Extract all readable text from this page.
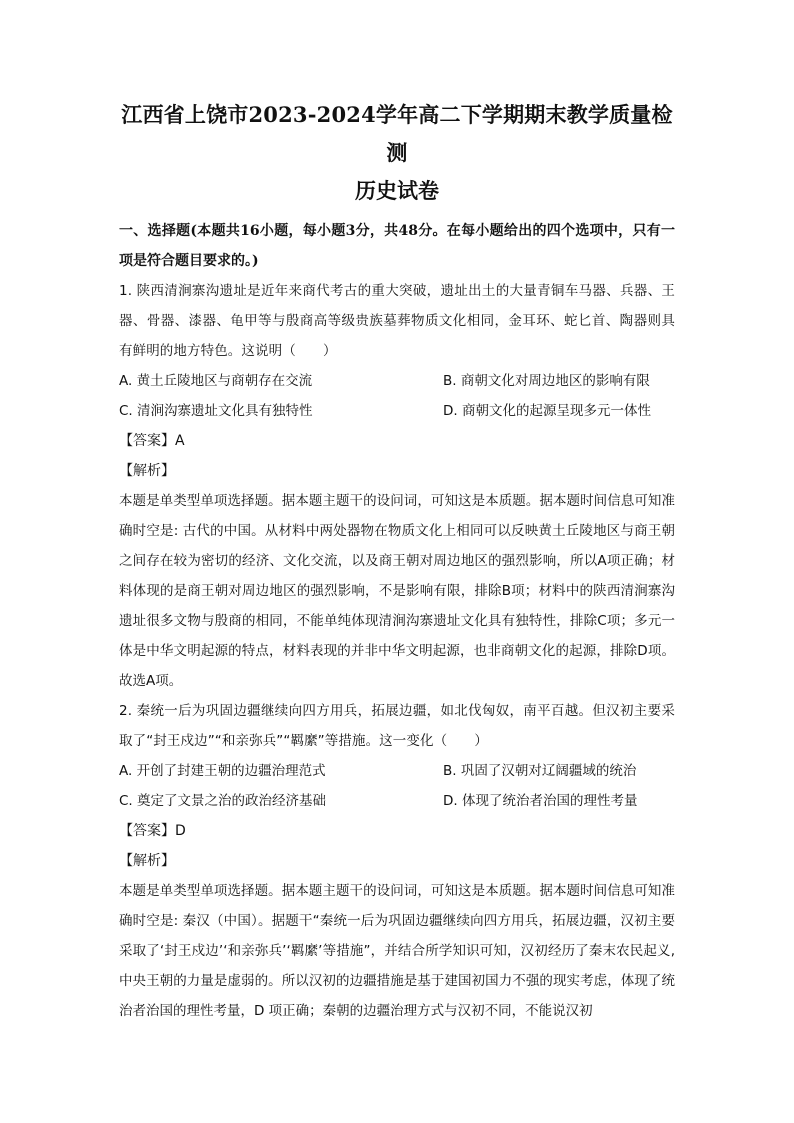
江西省上饶市2023-2024学年高二下学期期末教学质量检测
历史试卷

一、选择题(本题共16小题，每小题3分，共48分。在每小题给出的四个选项中，只有一项是符合题目要求的。)

1. 陕西清涧寨沟遗址是近年来商代考古的重大突破，遗址出土的大量青铜车马器、兵器、王器、骨器、漆器、龟甲等与殷商高等级贵族墓葬物质文化相同，金耳环、蛇匕首、陶器则具有鲜明的地方特色。这说明（　　）

A. 黄土丘陵地区与商朝存在交流	B. 商朝文化对周边地区的影响有限
C. 清涧沟寨遗址文化具有独特性	D. 商朝文化的起源呈现多元一体性

【答案】A

【解析】

本题是单类型单项选择题。据本题主题干的设问词，可知这是本质题。据本题时间信息可知准确时空是: 古代的中国。从材料中两处器物在物质文化上相同可以反映黄土丘陵地区与商王朝之间存在较为密切的经济、文化交流，以及商王朝对周边地区的强烈影响，所以A项正确；材料体现的是商王朝对周边地区的强烈影响，不是影响有限，排除B项；材料中的陕西清涧寨沟遗址很多文物与殷商的相同，不能单纯体现清涧沟寨遗址文化具有独特性，排除C项；多元一体是中华文明起源的特点，材料表现的并非中华文明起源，也非商朝文化的起源，排除D项。故选A项。

2. 秦统一后为巩固边疆继续向四方用兵，拓展边疆，如北伐匈奴，南平百越。但汉初主要采取了“封王戍边”“和亲弥兵”“羁縻”等措施。这一变化（　　）

A. 开创了封建王朝的边疆治理范式	B. 巩固了汉朝对辽阔疆域的统治
C. 奠定了文景之治的政治经济基础	D. 体现了统治者治国的理性考量

【答案】D

【解析】

本题是单类型单项选择题。据本题主题干的设问词，可知这是本质题。据本题时间信息可知准确时空是: 秦汉（中国）。据题干“秦统一后为巩固边疆继续向四方用兵，拓展边疆，汉初主要采取了‘封王戍边’‘和亲弥兵’‘羁縻’等措施”，并结合所学知识可知，汉初经历了秦末农民起义,中央王朝的力量是虚弱的。所以汉初的边疆措施是基于建国初国力不强的现实考虑，体现了统治者治国的理性考量，D 项正确；秦朝的边疆治理方式与汉初不同，不能说汉初
